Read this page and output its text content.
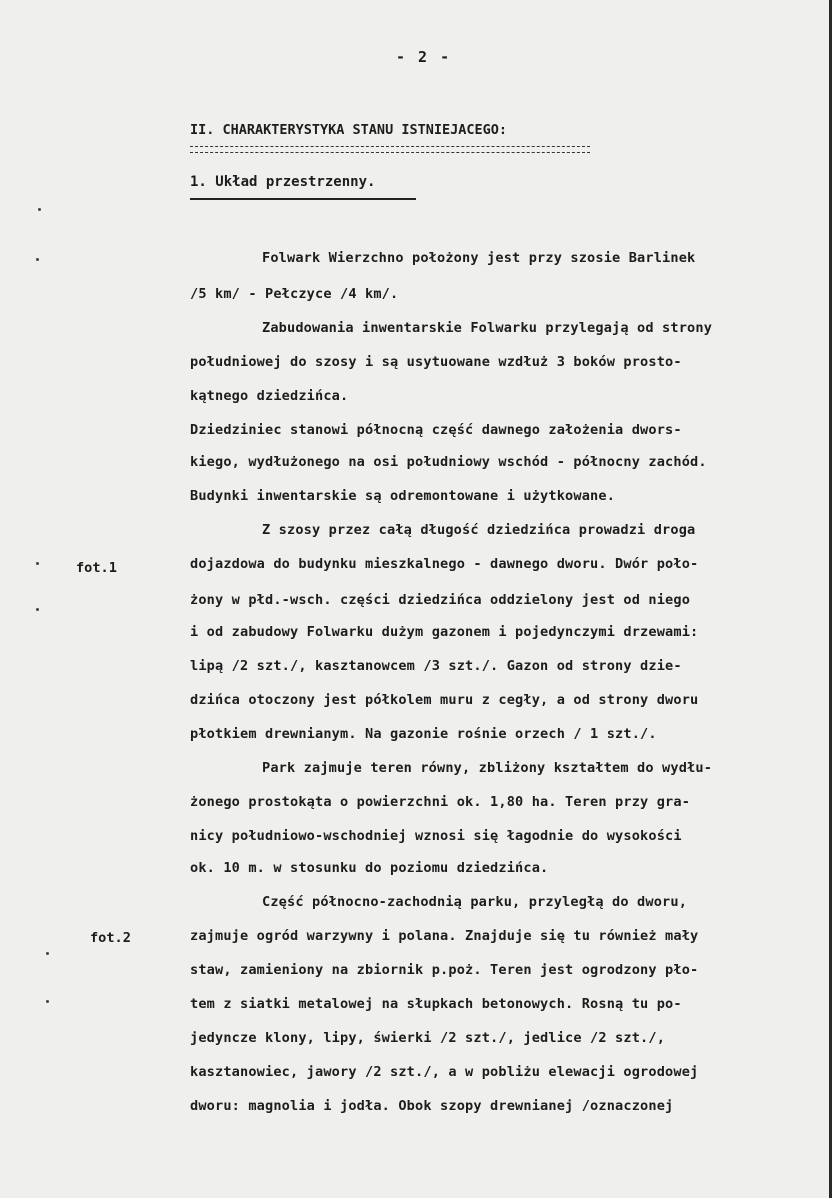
- 2 -
II. CHARAKTERYSTYKA STANU ISTNIEJACEGO:
1. Układ przestrzenny.
Folwark Wierzchno położony jest przy szosie Barlinek
/5 km/ - Pełczyce /4 km/.
Zabudowania inwentarskie Folwarku przylegają od strony
południowej do szosy i są usytuowane wzdłuż 3 boków prosto-
kątnego dziedzińca.
Dziedziniec stanowi północną część dawnego założenia dwors-
kiego, wydłużonego na osi południowy wschód - północny zachód.
Budynki inwentarskie są odremontowane i użytkowane.
Z szosy przez całą długość dziedzińca prowadzi droga
dojazdowa do budynku mieszkalnego - dawnego dworu. Dwór poło-
żony w płd.-wsch. części dziedzińca oddzielony jest od niego
i od zabudowy Folwarku dużym gazonem i pojedynczymi drzewami:
lipą /2 szt./, kasztanowcem /3 szt./. Gazon od strony dzie-
dzińca otoczony jest półkolem muru z cegły, a od strony dworu
płotkiem drewnianym. Na gazonie rośnie orzech / 1 szt./.
Park zajmuje teren równy, zbliżony kształtem do wydłu-
żonego prostokąta o powierzchni ok. 1,80 ha. Teren przy gra-
nicy południowo-wschodniej wznosi się łagodnie do wysokości
ok. 10 m. w stosunku do poziomu dziedzińca.
Część północno-zachodnią parku, przyległą do dworu,
zajmuje ogród warzywny i polana. Znajduje się tu również mały
staw, zamieniony na zbiornik p.poż. Teren jest ogrodzony pło-
tem z siatki metalowej na słupkach betonowych. Rosną tu po-
jedyncze klony, lipy, świerki /2 szt./, jedlice /2 szt./,
kasztanowiec, jawory /2 szt./, a w pobliżu elewacji ogrodowej
dworu: magnolia i jodła. Obok szopy drewnianej /oznaczonej
fot.1
fot.2
